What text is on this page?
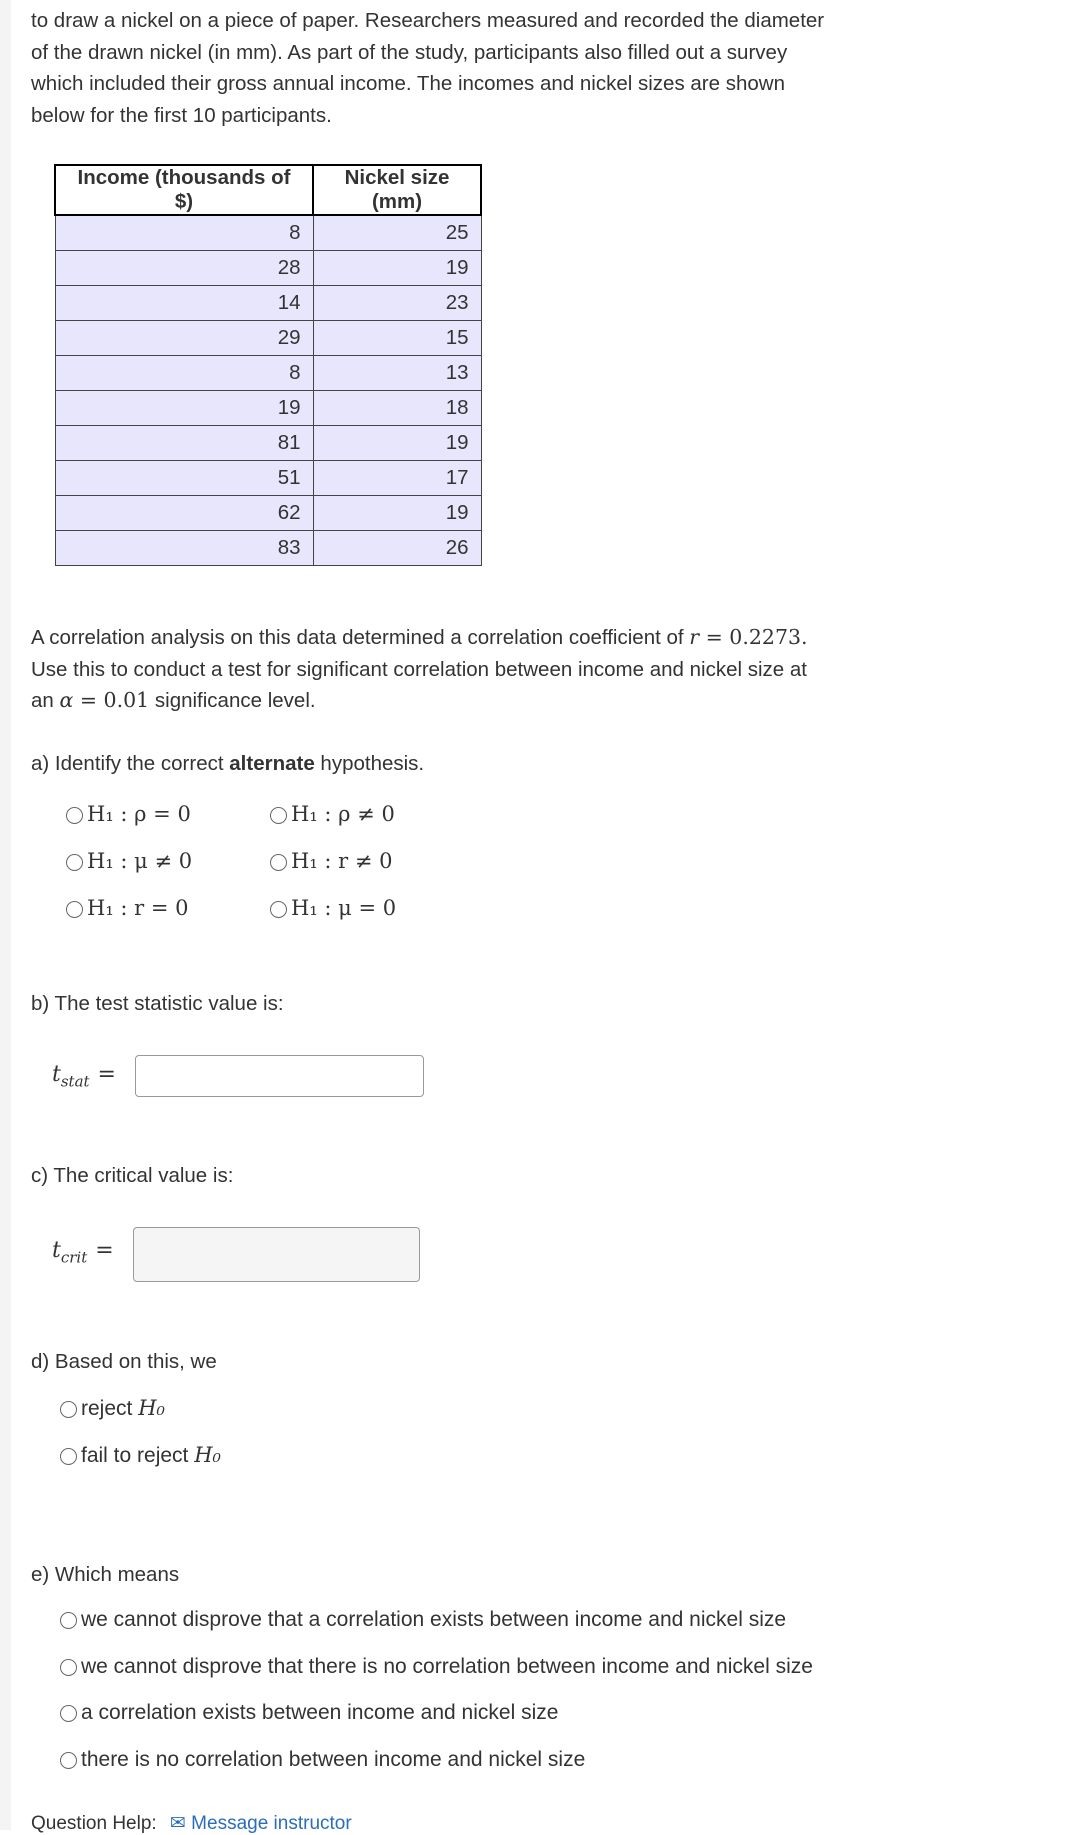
to draw a nickel on a piece of paper. Researchers measured and recorded the diameter

of the drawn nickel (in mm). As part of the study, participants also filled out a survey

which included their gross annual income. The incomes and nickel sizes are shown

below for the first 10 participants.

Income (thousands of $)	Nickel size (mm)
8	25
28	19
14	23
29	15
8	13
19	18
81	19
51	17
62	19
83	26

A correlation analysis on this data determined a correlation coefficient of r = 0.2273.

Use this to conduct a test for significant correlation between income and nickel size at

an α = 0.01 significance level.

a) Identify the correct alternate hypothesis.
H₁ : ρ = 0	H₁ : ρ ≠ 0
H₁ : μ ≠ 0	H₁ : r ≠ 0
H₁ : r = 0	H₁ : μ = 0
b) The test statistic value is:
$t_{stat}$ =
c) The critical value is:
$t_{crit}$ =
d) Based on this, we
reject H₀
fail to reject H₀
e) Which means
we cannot disprove that a correlation exists between income and nickel size
we cannot disprove that there is no correlation between income and nickel size
a correlation exists between income and nickel size
there is no correlation between income and nickel size
Question Help: ✉ Message instructor
